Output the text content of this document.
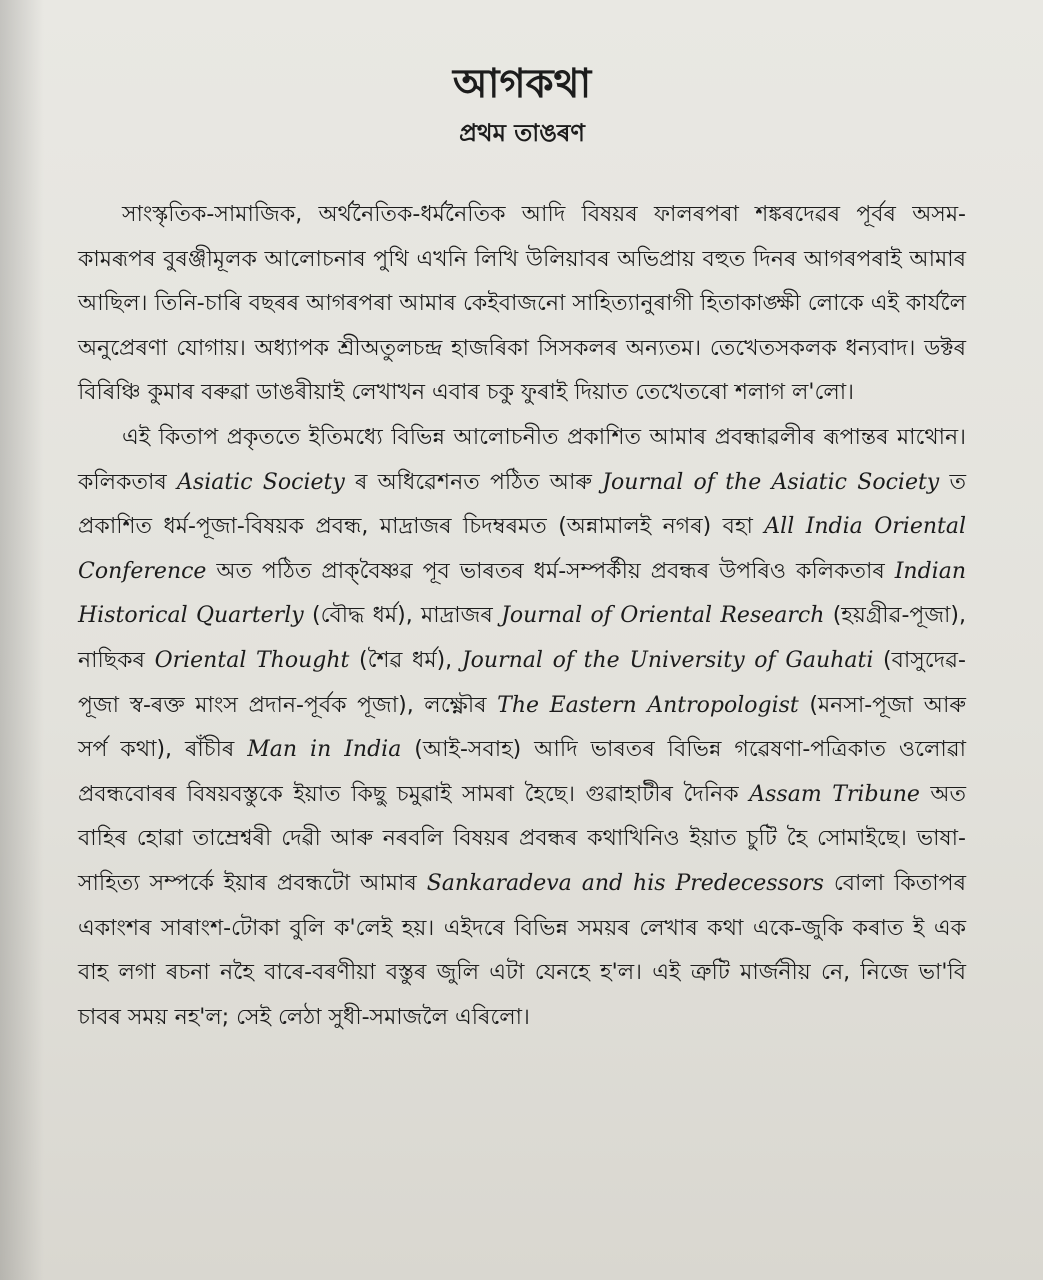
আগকথা
প্ৰথম তাঙৰণ

সাংস্কৃতিক-সামাজিক, অৰ্থনৈতিক-ধৰ্মনৈতিক আদি বিষয়ৰ ফালৰপৰা শঙ্কৰদেৱৰ পূৰ্বৰ অসম-কামৰূপৰ বুৰঞ্জীমূলক আলোচনাৰ পুথি এখনি লিখি উলিয়াবৰ অভিপ্ৰায় বহুত দিনৰ আগৰপৰাই আমাৰ আছিল। তিনি-চাৰি বছৰৰ আগৰপৰা আমাৰ কেইবাজনো সাহিত্যানুৰাগী হিতাকাঙ্ক্ষী লোকে এই কাৰ্যলৈ অনুপ্ৰেৰণা যোগায়। অধ্যাপক শ্ৰীঅতুলচন্দ্ৰ হাজৰিকা সিসকলৰ অন্যতম। তেখেতসকলক ধন্যবাদ। ডক্টৰ বিৰিঞ্চি কুমাৰ বৰুৱা ডাঙৰীয়াই লেখাখন এবাৰ চকু ফুৰাই দিয়াত তেখেতৰো শলাগ ল'লো।

এই কিতাপ প্ৰকৃততে ইতিমধ্যে বিভিন্ন আলোচনীত প্ৰকাশিত আমাৰ প্ৰবন্ধাৱলীৰ ৰূপান্তৰ মাথোন। কলিকতাৰ Asiatic Society ৰ অধিৱেশনত পঠিত আৰু Journal of the Asiatic Society ত প্ৰকাশিত ধৰ্ম-পূজা-বিষয়ক প্ৰবন্ধ, মাদ্ৰাজৰ চিদম্বৰমত (অন্নামালই নগৰ) বহা All India Oriental Conference অত পঠিত প্ৰাক্‌বৈষ্ণৱ পূব ভাৰতৰ ধৰ্ম-সম্পৰ্কীয় প্ৰবন্ধৰ উপৰিও কলিকতাৰ Indian Historical Quarterly (বৌদ্ধ ধৰ্ম), মাদ্ৰাজৰ Journal of Oriental Research (হয়গ্ৰীৱ-পূজা), নাছিকৰ Oriental Thought (শৈৱ ধৰ্ম), Journal of the University of Gauhati (বাসুদেৱ-পূজা স্ব-ৰক্ত মাংস প্ৰদান-পূৰ্বক পূজা), লক্ষ্ণৌৰ The Eastern Antropologist (মনসা-পূজা আৰু সৰ্প কথা), ৰাঁচীৰ Man in India (আই-সবাহ) আদি ভাৰতৰ বিভিন্ন গৱেষণা-পত্ৰিকাত ওলোৱা প্ৰবন্ধবোৰৰ বিষয়বস্তুকে ইয়াত কিছু চমুৱাই সামৰা হৈছে। গুৱাহাটীৰ দৈনিক Assam Tribune অত বাহিৰ হোৱা তাম্ৰেশ্বৰী দেৱী আৰু নৰবলি বিষয়ৰ প্ৰবন্ধৰ কথাখিনিও ইয়াত চুটি হৈ সোমাইছে। ভাষা-সাহিত্য সম্পৰ্কে ইয়াৰ প্ৰবন্ধটো আমাৰ Sankaradeva and his Predecessors বোলা কিতাপৰ একাংশৰ সাৰাংশ-টোকা বুলি ক'লেই হয়। এইদৰে বিভিন্ন সময়ৰ লেখাৰ কথা একে-জুকি কৰাত ই এক বাহ লগা ৰচনা নহৈ বাৰে-বৰণীয়া বস্তুৰ জুলি এটা যেনহে হ'ল। এই ত্ৰুটি মাৰ্জনীয় নে, নিজে ভা'বি চাবৰ সময় নহ'ল; সেই লেঠা সুধী-সমাজলৈ এৰিলো।
